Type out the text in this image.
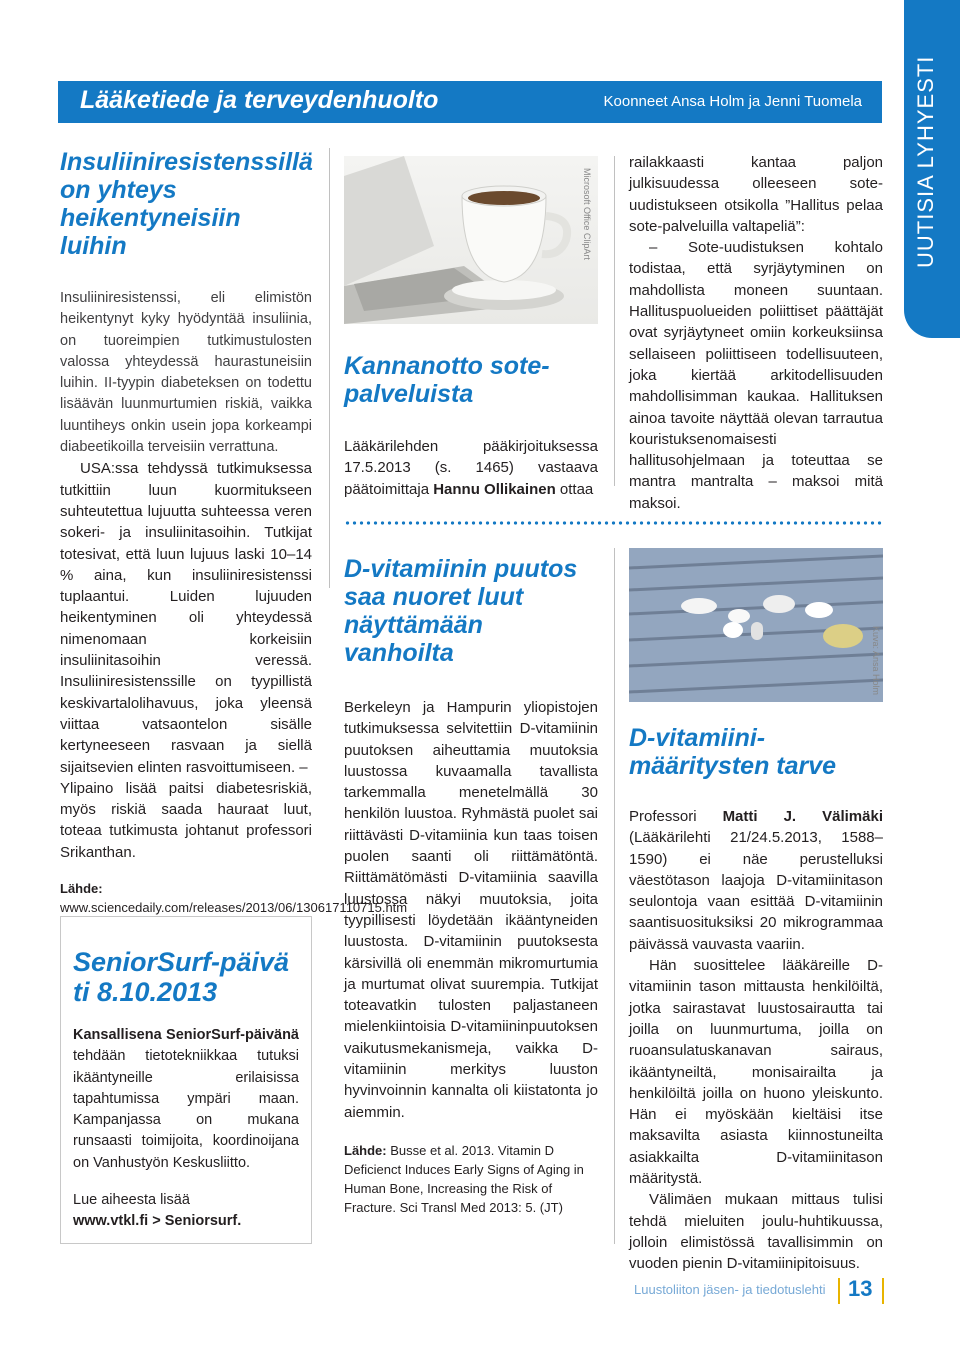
Lääketiede ja terveydenhuolto	Koonneet Ansa Holm ja Jenni Tuomela	UUTISIA LYHYESTI
Insuliiniresistenssillä on yhteys heikentyneisiin luihin

Insuliiniresistenssi, eli elimistön heikentynyt kyky hyödyntää insuliinia, on tuoreimpien tutkimustulosten valossa yhteydessä haurastuneisiin luihin. II-tyypin diabeteksen on todettu lisäävän luunmurtumien riskiä, vaikka luuntiheys onkin usein jopa korkeampi diabeetikoilla terveisiin verrattuna.

USA:ssa tehdyssä tutkimuksessa tutkittiin luun kuormitukseen suhteutettua lujuutta suhteessa veren sokeri- ja insuliinitasoihin. Tutkijat totesivat, että luun lujuus laski 10–14 % aina, kun insuliiniresistenssi tuplaantui. Luiden lujuuden heikentyminen oli yhteydessä nimenomaan korkeisiin insuliinitasoihin veressä. Insuliiniresistenssille on tyypillistä keskivartalolihavuus, joka yleensä viittaa vatsaontelon sisälle kertyneeseen rasvaan ja siellä sijaitsevien elinten rasvoittumiseen. –

Ylipaino lisää paitsi diabetesriskiä, myös riskiä saada hauraat luut, toteaa tutkimusta johtanut professori Srikanthan.

Lähde: www.sciencedaily.com/releases/2013/06/130617110715.htm
SeniorSurf-päivä ti 8.10.2013

Kansallisena SeniorSurf-päivänä tehdään tietotekniikkaa tutuksi ikääntyneille erilaisissa tapahtumissa ympäri maan. Kampanjassa on mukana runsaasti toimijoita, koordinoijana on Vanhustyön Keskusliitto.

Lue aiheesta lisää

www.vtkl.fi > Seniorsurf.

Microsoft Office ClipArt
Kannanotto sote-palveluista

Lääkärilehden pääkirjoituksessa 17.5.2013 (s. 1465) vastaava päätoimittaja Hannu Ollikainen ottaa

railakkaasti kantaa paljon julkisuudessa olleeseen sote-uudistukseen otsikolla ”Hallitus pelaa sote-palveluilla valtapeliä”:

– Sote-uudistuksen kohtalo todistaa, että syrjäytyminen on mahdollista moneen suuntaan. Hallituspuolueiden poliittiset päättäjät ovat syrjäytyneet omiin korkeuksiinsa sellaiseen poliittiseen todellisuuteen, joka kiertää arkitodellisuuden mahdollisimman kaukaa. Hallituksen ainoa tavoite näyttää olevan tarrautua kouristuksenomaisesti hallitusohjelmaan ja toteuttaa se mantra mantralta – maksoi mitä maksoi.

D-vitamiinin puutos saa nuoret luut näyttämään vanhoilta

Berkeleyn ja Hampurin yliopistojen tutkimuksessa selvitettiin D-vitamiinin puutoksen aiheuttamia muutoksia luustossa kuvaamalla tavallista tarkemmalla menetelmällä 30 henkilön luustoa. Ryhmästä puolet sai riittävästi D-vitamiinia kun taas toisen puolen saanti oli riittämätöntä. Riittämätömästi D-vitamiinia saavilla luustossa näkyi muutoksia, joita tyypillisesti löydetään ikääntyneiden luustosta. D-vitamiinin puutoksesta kärsivillä oli enemmän mikromurtumia ja murtumat olivat suurempia. Tutkijat toteavatkin tulosten paljastaneen mielenkiintoisia D-vitamiininpuutoksen vaikutusmekanismeja, vaikka D-vitamiinin merkitys luuston hyvinvoinnin kannalta oli kiistatonta jo aiemmin.

Lähde: Busse et al. 2013. Vitamin D Deficienct Induces Early Signs of Aging in Human Bone, Increasing the Risk of Fracture. Sci Transl Med 2013: 5. (JT)
Kuva: Ansa Holm
D-vitamiini-määritysten tarve

Professori Matti J. Välimäki (Lääkärilehti 21/24.5.2013, 1588–1590) ei näe perustelluksi väestötason laajoja D-vitamiinitason seulontoja vaan esittää D-vitamiinin saantisuosituksiksi 20 mikrogrammaa päivässä vauvasta vaariin.

Hän suosittelee lääkäreille D-vitamiinin tason mittausta henkilöiltä, jotka sairastavat luustosairautta tai joilla on luunmurtuma, joilla on ruoansulatuskanavan sairaus, ikääntyneiltä, monisairailta ja henkilöiltä joilla on huono yleiskunto. Hän ei myöskään kieltäisi itse maksavilta asiasta kiinnostuneilta asiakkailta D-vitamiinitason määritystä.

Välimäen mukaan mittaus tulisi tehdä mieluiten joulu-huhtikuussa, jolloin elimistössä tavallisimmin on vuoden pienin D-vitamiinipitoisuus.

Luustoliiton jäsen- ja tiedotuslehti 13
